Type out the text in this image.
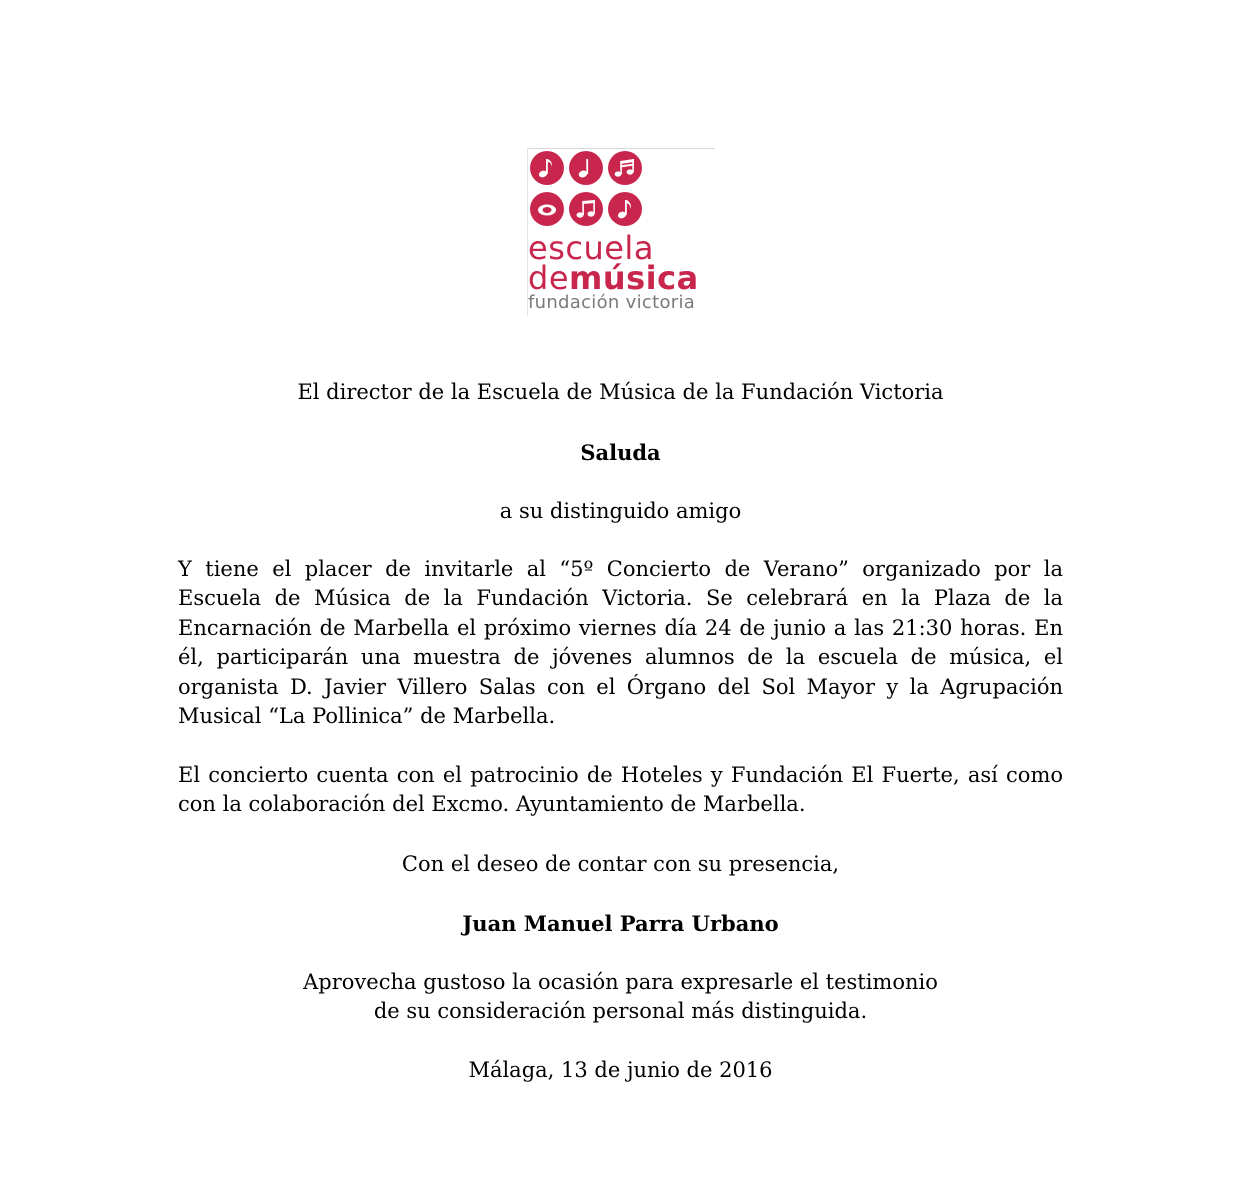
escuela
demúsica
fundación victoria

El director de la Escuela de Música de la Fundación Victoria

Saluda

a su distinguido amigo

Y tiene el placer de invitarle al “5º Concierto de Verano” organizado por la Escuela de Música de la Fundación Victoria. Se celebrará en la Plaza de la Encarnación de Marbella el próximo viernes día 24 de junio a las 21:30 horas. En él, participarán una muestra de jóvenes alumnos de la escuela de música, el organista D. Javier Villero Salas con el Órgano del Sol Mayor y la Agrupación Musical “La Pollinica” de Marbella.

El concierto cuenta con el patrocinio de Hoteles y Fundación El Fuerte, así como con la colaboración del Excmo. Ayuntamiento de Marbella.

Con el deseo de contar con su presencia,

Juan Manuel Parra Urbano

Aprovecha gustoso la ocasión para expresarle el testimonio

de su consideración personal más distinguida.

Málaga, 13 de junio de 2016
